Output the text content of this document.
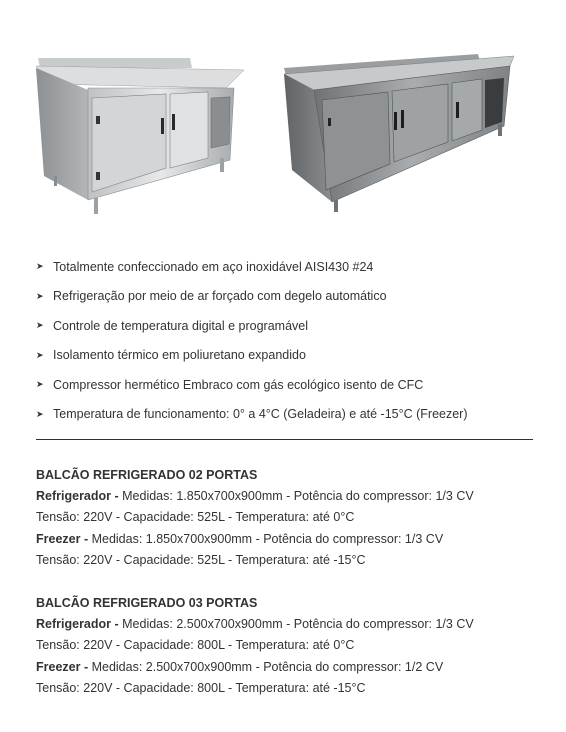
➤ Totalmente confeccionado em aço inoxidável AISI430 #24
➤ Refrigeração por meio de ar forçado com degelo automático
➤ Controle de temperatura digital e programável
➤ Isolamento térmico em poliuretano expandido
➤ Compressor hermético Embraco com gás ecológico isento de CFC
➤ Temperatura de funcionamento: 0° a 4°C (Geladeira) e até -15°C (Freezer)
BALCÃO REFRIGERADO 02 PORTAS
Refrigerador - Medidas: 1.850x700x900mm - Potência do compressor: 1/3 CV
Tensão: 220V - Capacidade: 525L - Temperatura: até 0°C
Freezer - Medidas: 1.850x700x900mm - Potência do compressor: 1/3 CV
Tensão: 220V - Capacidade: 525L - Temperatura: até -15°C
BALCÃO REFRIGERADO 03 PORTAS
Refrigerador - Medidas: 2.500x700x900mm - Potência do compressor: 1/3 CV
Tensão: 220V - Capacidade: 800L - Temperatura: até 0°C
Freezer - Medidas: 2.500x700x900mm - Potência do compressor: 1/2 CV
Tensão: 220V - Capacidade: 800L - Temperatura: até -15°C
